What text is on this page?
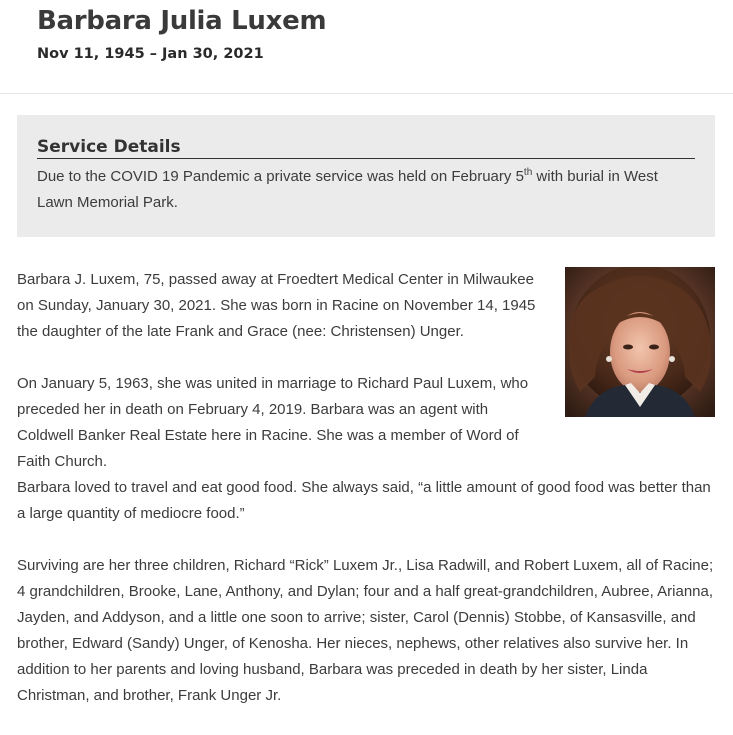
Barbara Julia Luxem
Nov 11, 1945 – Jan 30, 2021
Service Details
Due to the COVID 19 Pandemic a private service was held on February 5th with burial in West Lawn Memorial Park.

Barbara J. Luxem, 75, passed away at Froedtert Medical Center in Milwaukee on Sunday, January 30, 2021. She was born in Racine on November 14, 1945 the daughter of the late Frank and Grace (nee: Christensen) Unger.

On January 5, 1963, she was united in marriage to Richard Paul Luxem, who preceded her in death on February 4, 2019. Barbara was an agent with Coldwell Banker Real Estate here in Racine. She was a member of Word of Faith Church.
Barbara loved to travel and eat good food. She always said, “a little amount of good food was better than a large quantity of mediocre food.”

Surviving are her three children, Richard “Rick” Luxem Jr., Lisa Radwill, and Robert Luxem, all of Racine; 4 grandchildren, Brooke, Lane, Anthony, and Dylan; four and a half great-grandchildren, Aubree, Arianna, Jayden, and Addyson, and a little one soon to arrive; sister, Carol (Dennis) Stobbe, of Kansasville, and brother, Edward (Sandy) Unger, of Kenosha. Her nieces, nephews, other relatives also survive her. In addition to her parents and loving husband, Barbara was preceded in death by her sister, Linda Christman, and brother, Frank Unger Jr.
